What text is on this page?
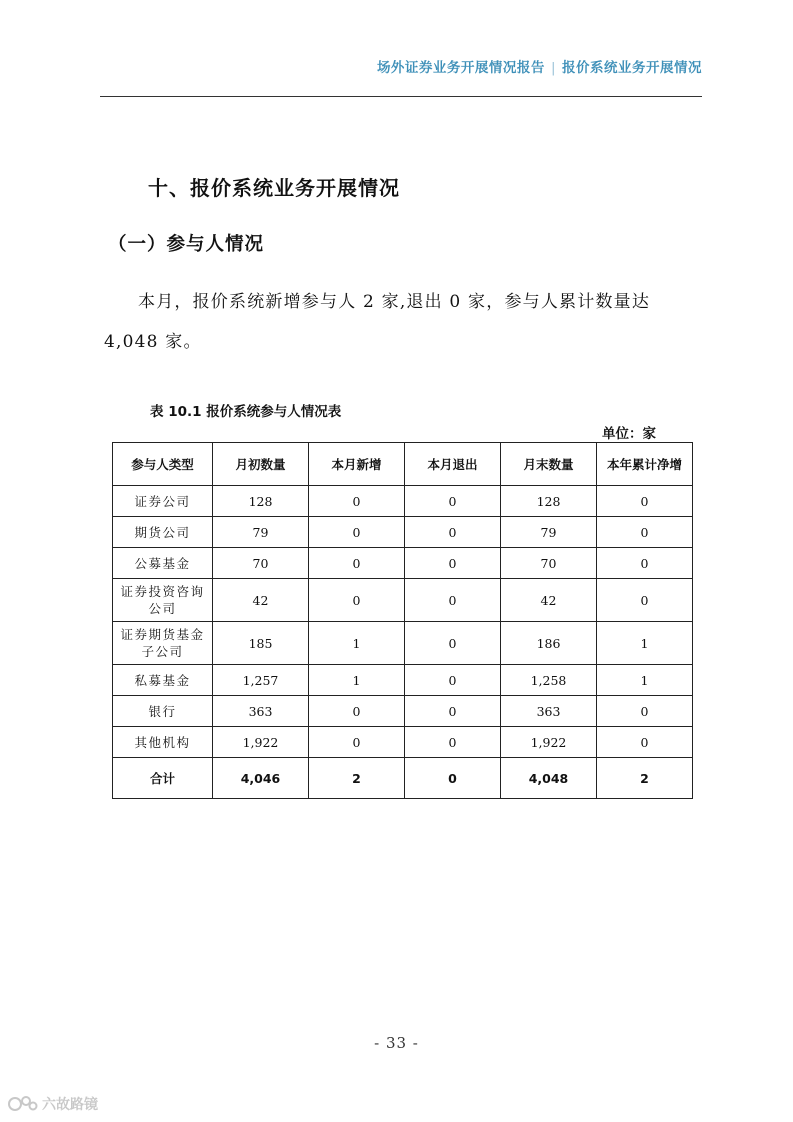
场外证券业务开展情况报告 | 报价系统业务开展情况
十、报价系统业务开展情况
（一）参与人情况
本月，报价系统新增参与人 2 家,退出 0 家，参与人累计数量达 4,048 家。
表 10.1 报价系统参与人情况表
单位：家
参与人类型	月初数量	本月新增	本月退出	月末数量	本年累计净增
证券公司	128	0	0	128	0
期货公司	79	0	0	79	0
公募基金	70	0	0	70	0
证券投资咨询公司	42	0	0	42	0
证券期货基金子公司	185	1	0	186	1
私募基金	1,257	1	0	1,258	1
银行	363	0	0	363	0
其他机构	1,922	0	0	1,922	0
合计	4,046	2	0	4,048	2
- 33 -
六故路镜
